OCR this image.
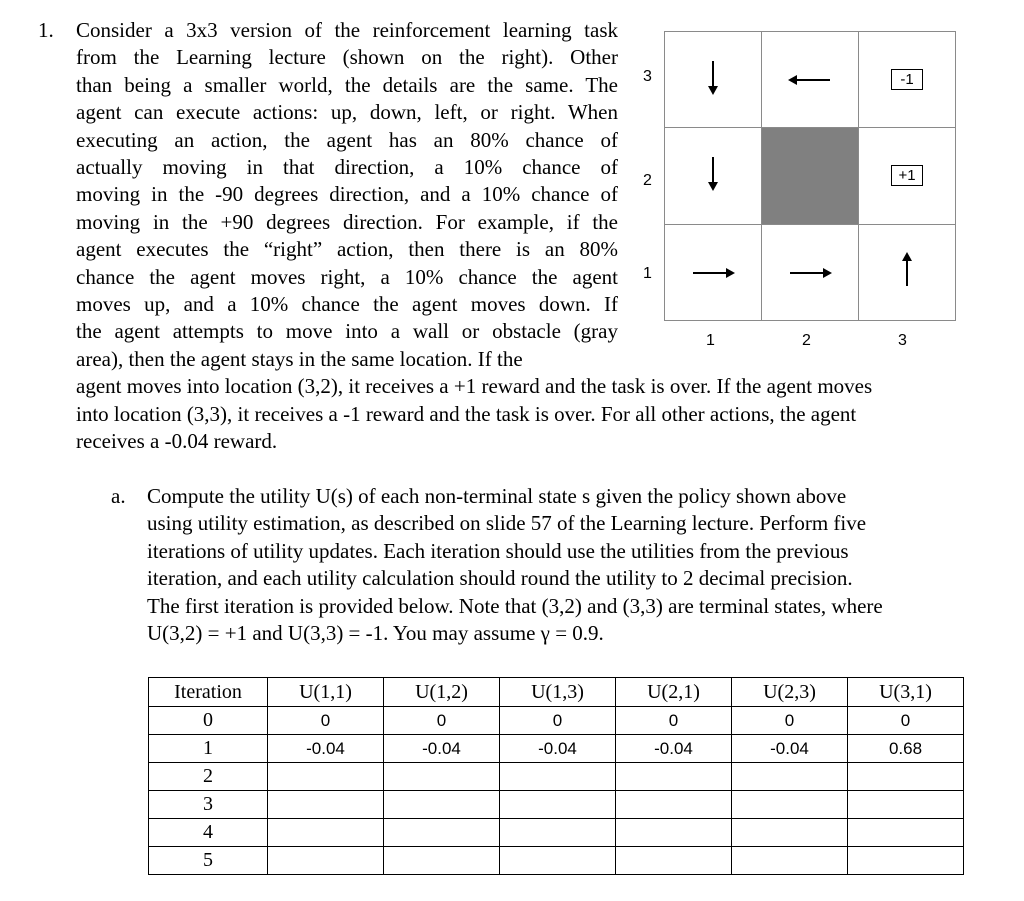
1. Consider a 3x3 version of the reinforcement learning task
from the Learning lecture (shown on the right). Other
than being a smaller world, the details are the same. The
agent can execute actions: up, down, left, or right. When
executing an action, the agent has an 80% chance of
actually moving in that direction, a 10% chance of
moving in the -90 degrees direction, and a 10% chance of
moving in the +90 degrees direction. For example, if the
agent executes the “right” action, then there is an 80%
chance the agent moves right, a 10% chance the agent
moves up, and a 10% chance the agent moves down. If
the agent attempts to move into a wall or obstacle (gray
area), then the agent stays in the same location. If the
agent moves into location (3,2), it receives a +1 reward and the task is over. If the agent moves
into location (3,3), it receives a -1 reward and the task is over. For all other actions, the agent
receives a -0.04 reward.
3
2
1
		-1
		+1

1	2	3
a. Compute the utility U(s) of each non-terminal state s given the policy shown above
using utility estimation, as described on slide 57 of the Learning lecture. Perform five
iterations of utility updates. Each iteration should use the utilities from the previous
iteration, and each utility calculation should round the utility to 2 decimal precision.
The first iteration is provided below. Note that (3,2) and (3,3) are terminal states, where
U(3,2) = +1 and U(3,3) = -1. You may assume γ = 0.9.
Iteration	U(1,1)	U(1,2)	U(1,3)	U(2,1)	U(2,3)	U(3,1)
0	0	0	0	0	0	0
1	-0.04	-0.04	-0.04	-0.04	-0.04	0.68
2						
3						
4						
5						
